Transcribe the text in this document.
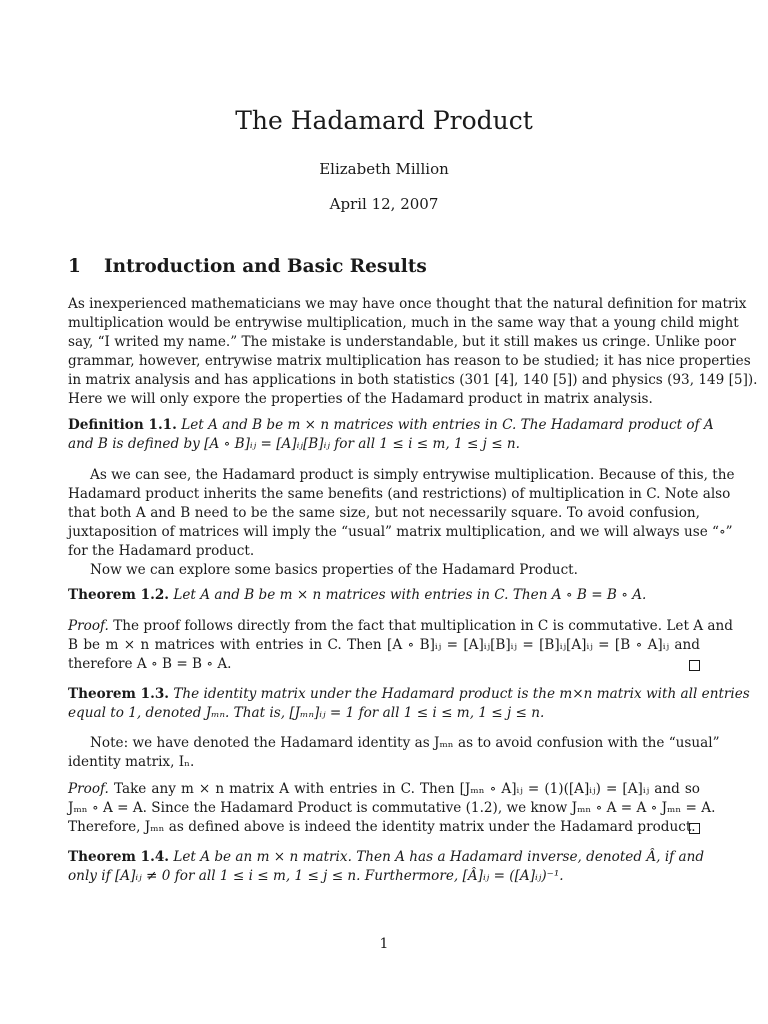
The Hadamard Product
Elizabeth Million
April 12, 2007
1 Introduction and Basic Results
As inexperienced mathematicians we may have once thought that the natural definition for matrix
multiplication would be entrywise multiplication, much in the same way that a young child might
say, “I writed my name.” The mistake is understandable, but it still makes us cringe. Unlike poor
grammar, however, entrywise matrix multiplication has reason to be studied; it has nice properties
in matrix analysis and has applications in both statistics (301 [4], 140 [5]) and physics (93, 149 [5]).
Here we will only expore the properties of the Hadamard product in matrix analysis.
Definition 1.1. Let A and B be m × n matrices with entries in C. The Hadamard product of A
and B is defined by [A ∘ B]ᵢⱼ = [A]ᵢⱼ[B]ᵢⱼ for all 1 ≤ i ≤ m, 1 ≤ j ≤ n.
As we can see, the Hadamard product is simply entrywise multiplication. Because of this, the
Hadamard product inherits the same benefits (and restrictions) of multiplication in C. Note also
that both A and B need to be the same size, but not necessarily square. To avoid confusion,
juxtaposition of matrices will imply the “usual” matrix multiplication, and we will always use “∘”
for the Hadamard product.
Now we can explore some basics properties of the Hadamard Product.
Theorem 1.2. Let A and B be m × n matrices with entries in C. Then A ∘ B = B ∘ A.
Proof. The proof follows directly from the fact that multiplication in C is commutative. Let A and
B be m × n matrices with entries in C. Then [A ∘ B]ᵢⱼ = [A]ᵢⱼ[B]ᵢⱼ = [B]ᵢⱼ[A]ᵢⱼ = [B ∘ A]ᵢⱼ and
therefore A ∘ B = B ∘ A.
Theorem 1.3. The identity matrix under the Hadamard product is the m×n matrix with all entries
equal to 1, denoted Jₘₙ. That is, [Jₘₙ]ᵢⱼ = 1 for all 1 ≤ i ≤ m, 1 ≤ j ≤ n.
Note: we have denoted the Hadamard identity as Jₘₙ as to avoid confusion with the “usual”
identity matrix, Iₙ.
Proof. Take any m × n matrix A with entries in C. Then [Jₘₙ ∘ A]ᵢⱼ = (1)([A]ᵢⱼ) = [A]ᵢⱼ and so
Jₘₙ ∘ A = A. Since the Hadamard Product is commutative (1.2), we know Jₘₙ ∘ A = A ∘ Jₘₙ = A.
Therefore, Jₘₙ as defined above is indeed the identity matrix under the Hadamard product.
Theorem 1.4. Let A be an m × n matrix. Then A has a Hadamard inverse, denoted Â, if and
only if [A]ᵢⱼ ≠ 0 for all 1 ≤ i ≤ m, 1 ≤ j ≤ n. Furthermore, [Â]ᵢⱼ = ([A]ᵢⱼ)⁻¹.
1
